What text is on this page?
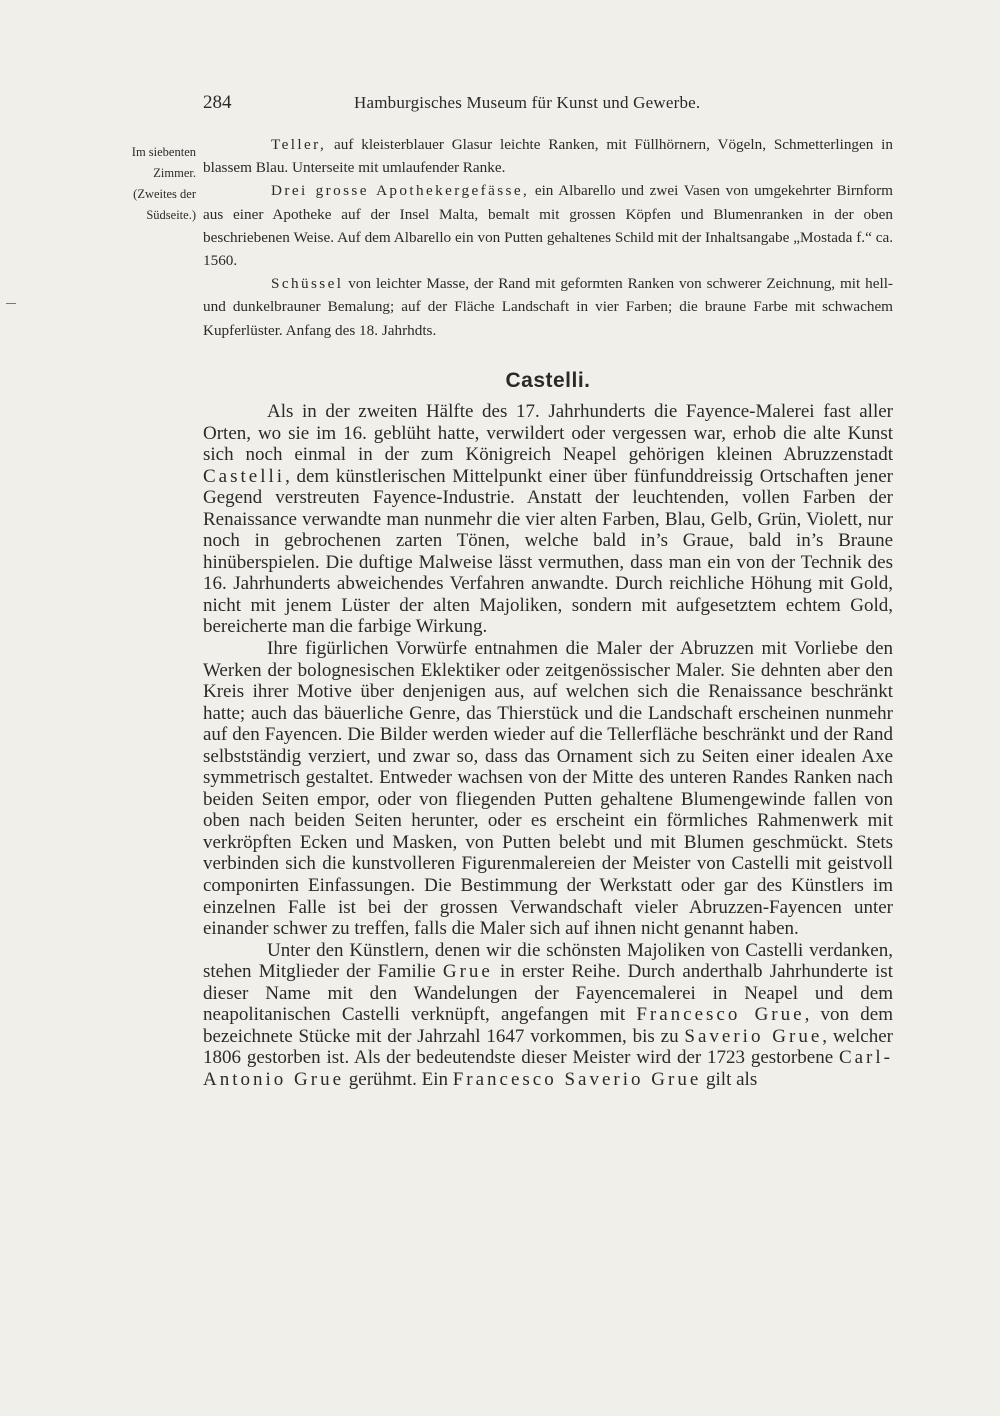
284	Hamburgisches Museum für Kunst und Gewerbe.
Im siebenten
Zimmer.
(Zweites der
Südseite.)

Teller, auf kleisterblauer Glasur leichte Ranken, mit Füllhörnern, Vögeln, Schmetterlingen in blassem Blau. Unterseite mit umlaufender Ranke.

Drei grosse Apothekergefässe, ein Albarello und zwei Vasen von umgekehrter Birnform aus einer Apotheke auf der Insel Malta, bemalt mit grossen Köpfen und Blumenranken in der oben beschriebenen Weise. Auf dem Albarello ein von Putten gehaltenes Schild mit der Inhaltsangabe „Mostada f.“ ca. 1560.

Schüssel von leichter Masse, der Rand mit geformten Ranken von schwerer Zeichnung, mit hell- und dunkelbrauner Bemalung; auf der Fläche Landschaft in vier Farben; die braune Farbe mit schwachem Kupferlüster. Anfang des 18. Jahrhdts.

Castelli.

Als in der zweiten Hälfte des 17. Jahrhunderts die Fayence-Malerei fast aller Orten, wo sie im 16. geblüht hatte, verwildert oder vergessen war, erhob die alte Kunst sich noch einmal in der zum Königreich Neapel gehörigen kleinen Abruzzenstadt Castelli, dem künstlerischen Mittelpunkt einer über fünfunddreissig Ortschaften jener Gegend verstreuten Fayence-Industrie. Anstatt der leuchtenden, vollen Farben der Renaissance verwandte man nunmehr die vier alten Farben, Blau, Gelb, Grün, Violett, nur noch in gebrochenen zarten Tönen, welche bald in’s Graue, bald in’s Braune hinüberspielen. Die duftige Malweise lässt vermuthen, dass man ein von der Technik des 16. Jahrhunderts abweichendes Verfahren anwandte. Durch reichliche Höhung mit Gold, nicht mit jenem Lüster der alten Majoliken, sondern mit aufgesetztem echtem Gold, bereicherte man die farbige Wirkung.

Ihre figürlichen Vorwürfe entnahmen die Maler der Abruzzen mit Vorliebe den Werken der bolognesischen Eklektiker oder zeitgenössischer Maler. Sie dehnten aber den Kreis ihrer Motive über denjenigen aus, auf welchen sich die Renaissance beschränkt hatte; auch das bäuerliche Genre, das Thierstück und die Landschaft erscheinen nunmehr auf den Fayencen. Die Bilder werden wieder auf die Tellerfläche beschränkt und der Rand selbstständig verziert, und zwar so, dass das Ornament sich zu Seiten einer idealen Axe symmetrisch gestaltet. Entweder wachsen von der Mitte des unteren Randes Ranken nach beiden Seiten empor, oder von fliegenden Putten gehaltene Blumengewinde fallen von oben nach beiden Seiten herunter, oder es erscheint ein förmliches Rahmenwerk mit verkröpften Ecken und Masken, von Putten belebt und mit Blumen geschmückt. Stets verbinden sich die kunstvolleren Figurenmalereien der Meister von Castelli mit geistvoll componirten Einfassungen. Die Bestimmung der Werkstatt oder gar des Künstlers im einzelnen Falle ist bei der grossen Verwandschaft vieler Abruzzen-Fayencen unter einander schwer zu treffen, falls die Maler sich auf ihnen nicht genannt haben.

Unter den Künstlern, denen wir die schönsten Majoliken von Castelli verdanken, stehen Mitglieder der Familie Grue in erster Reihe. Durch anderthalb Jahrhunderte ist dieser Name mit den Wandelungen der Fayencemalerei in Neapel und dem neapolitanischen Castelli verknüpft, angefangen mit Francesco Grue, von dem bezeichnete Stücke mit der Jahrzahl 1647 vorkommen, bis zu Saverio Grue, welcher 1806 gestorben ist. Als der bedeutendste dieser Meister wird der 1723 gestorbene Carl-Antonio Grue gerühmt. Ein Francesco Saverio Grue gilt als
